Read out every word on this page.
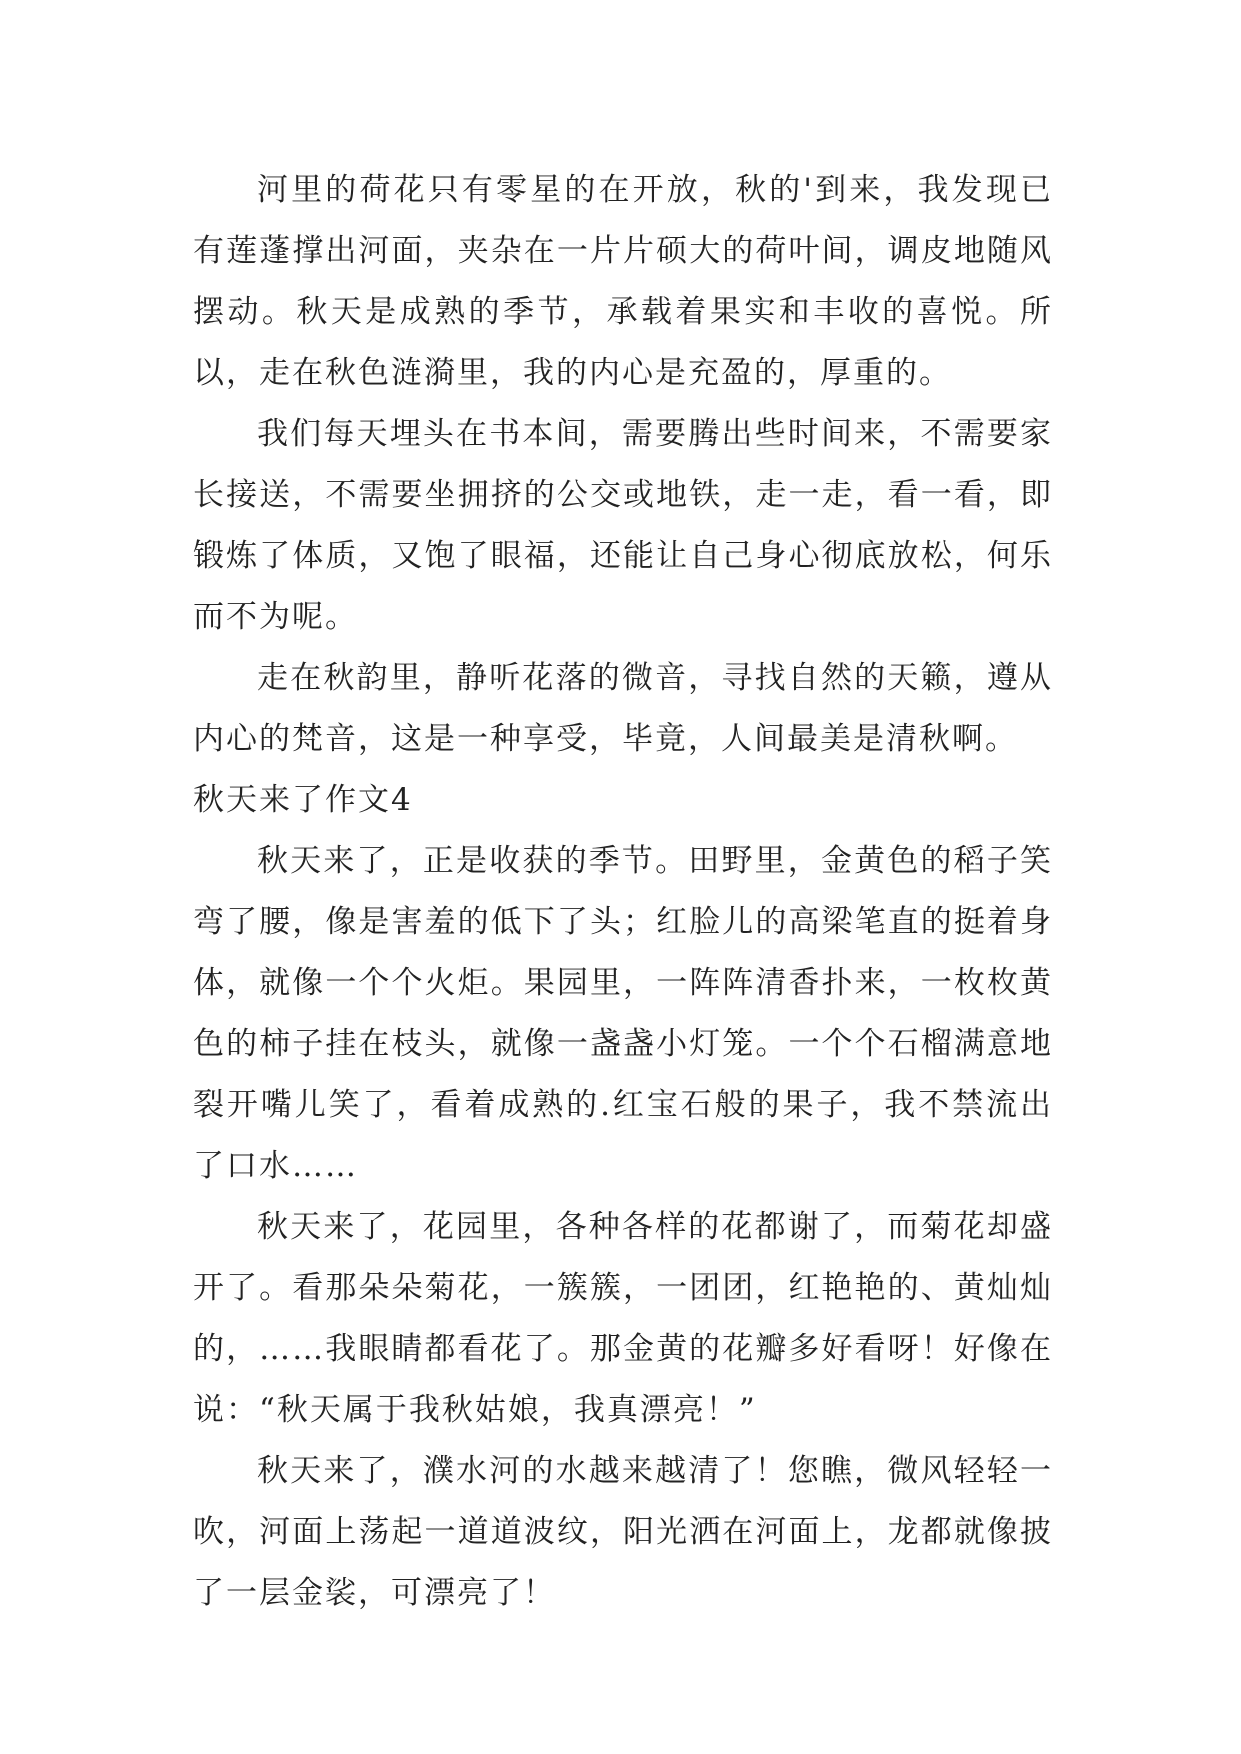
河里的荷花只有零星的在开放，秋的'到来，我发现已有莲蓬撑出河面，夹杂在一片片硕大的荷叶间，调皮地随风摆动。秋天是成熟的季节，承载着果实和丰收的喜悦。所以，走在秋色涟漪里，我的内心是充盈的，厚重的。

我们每天埋头在书本间，需要腾出些时间来，不需要家长接送，不需要坐拥挤的公交或地铁，走一走，看一看，即锻炼了体质，又饱了眼福，还能让自己身心彻底放松，何乐而不为呢。

走在秋韵里，静听花落的微音，寻找自然的天籁，遵从内心的梵音，这是一种享受，毕竟，人间最美是清秋啊。

秋天来了作文4

秋天来了，正是收获的季节。田野里，金黄色的稻子笑弯了腰，像是害羞的低下了头；红脸儿的高梁笔直的挺着身体，就像一个个火炬。果园里，一阵阵清香扑来，一枚枚黄色的柿子挂在枝头，就像一盏盏小灯笼。一个个石榴满意地裂开嘴儿笑了，看着成熟的.红宝石般的果子，我不禁流出了口水……

秋天来了，花园里，各种各样的花都谢了，而菊花却盛开了。看那朵朵菊花，一簇簇，一团团，红艳艳的、黄灿灿的，……我眼睛都看花了。那金黄的花瓣多好看呀！好像在说：“秋天属于我秋姑娘，我真漂亮！”

秋天来了，濮水河的水越来越清了！您瞧，微风轻轻一吹，河面上荡起一道道波纹，阳光洒在河面上，龙都就像披了一层金裟，可漂亮了！
